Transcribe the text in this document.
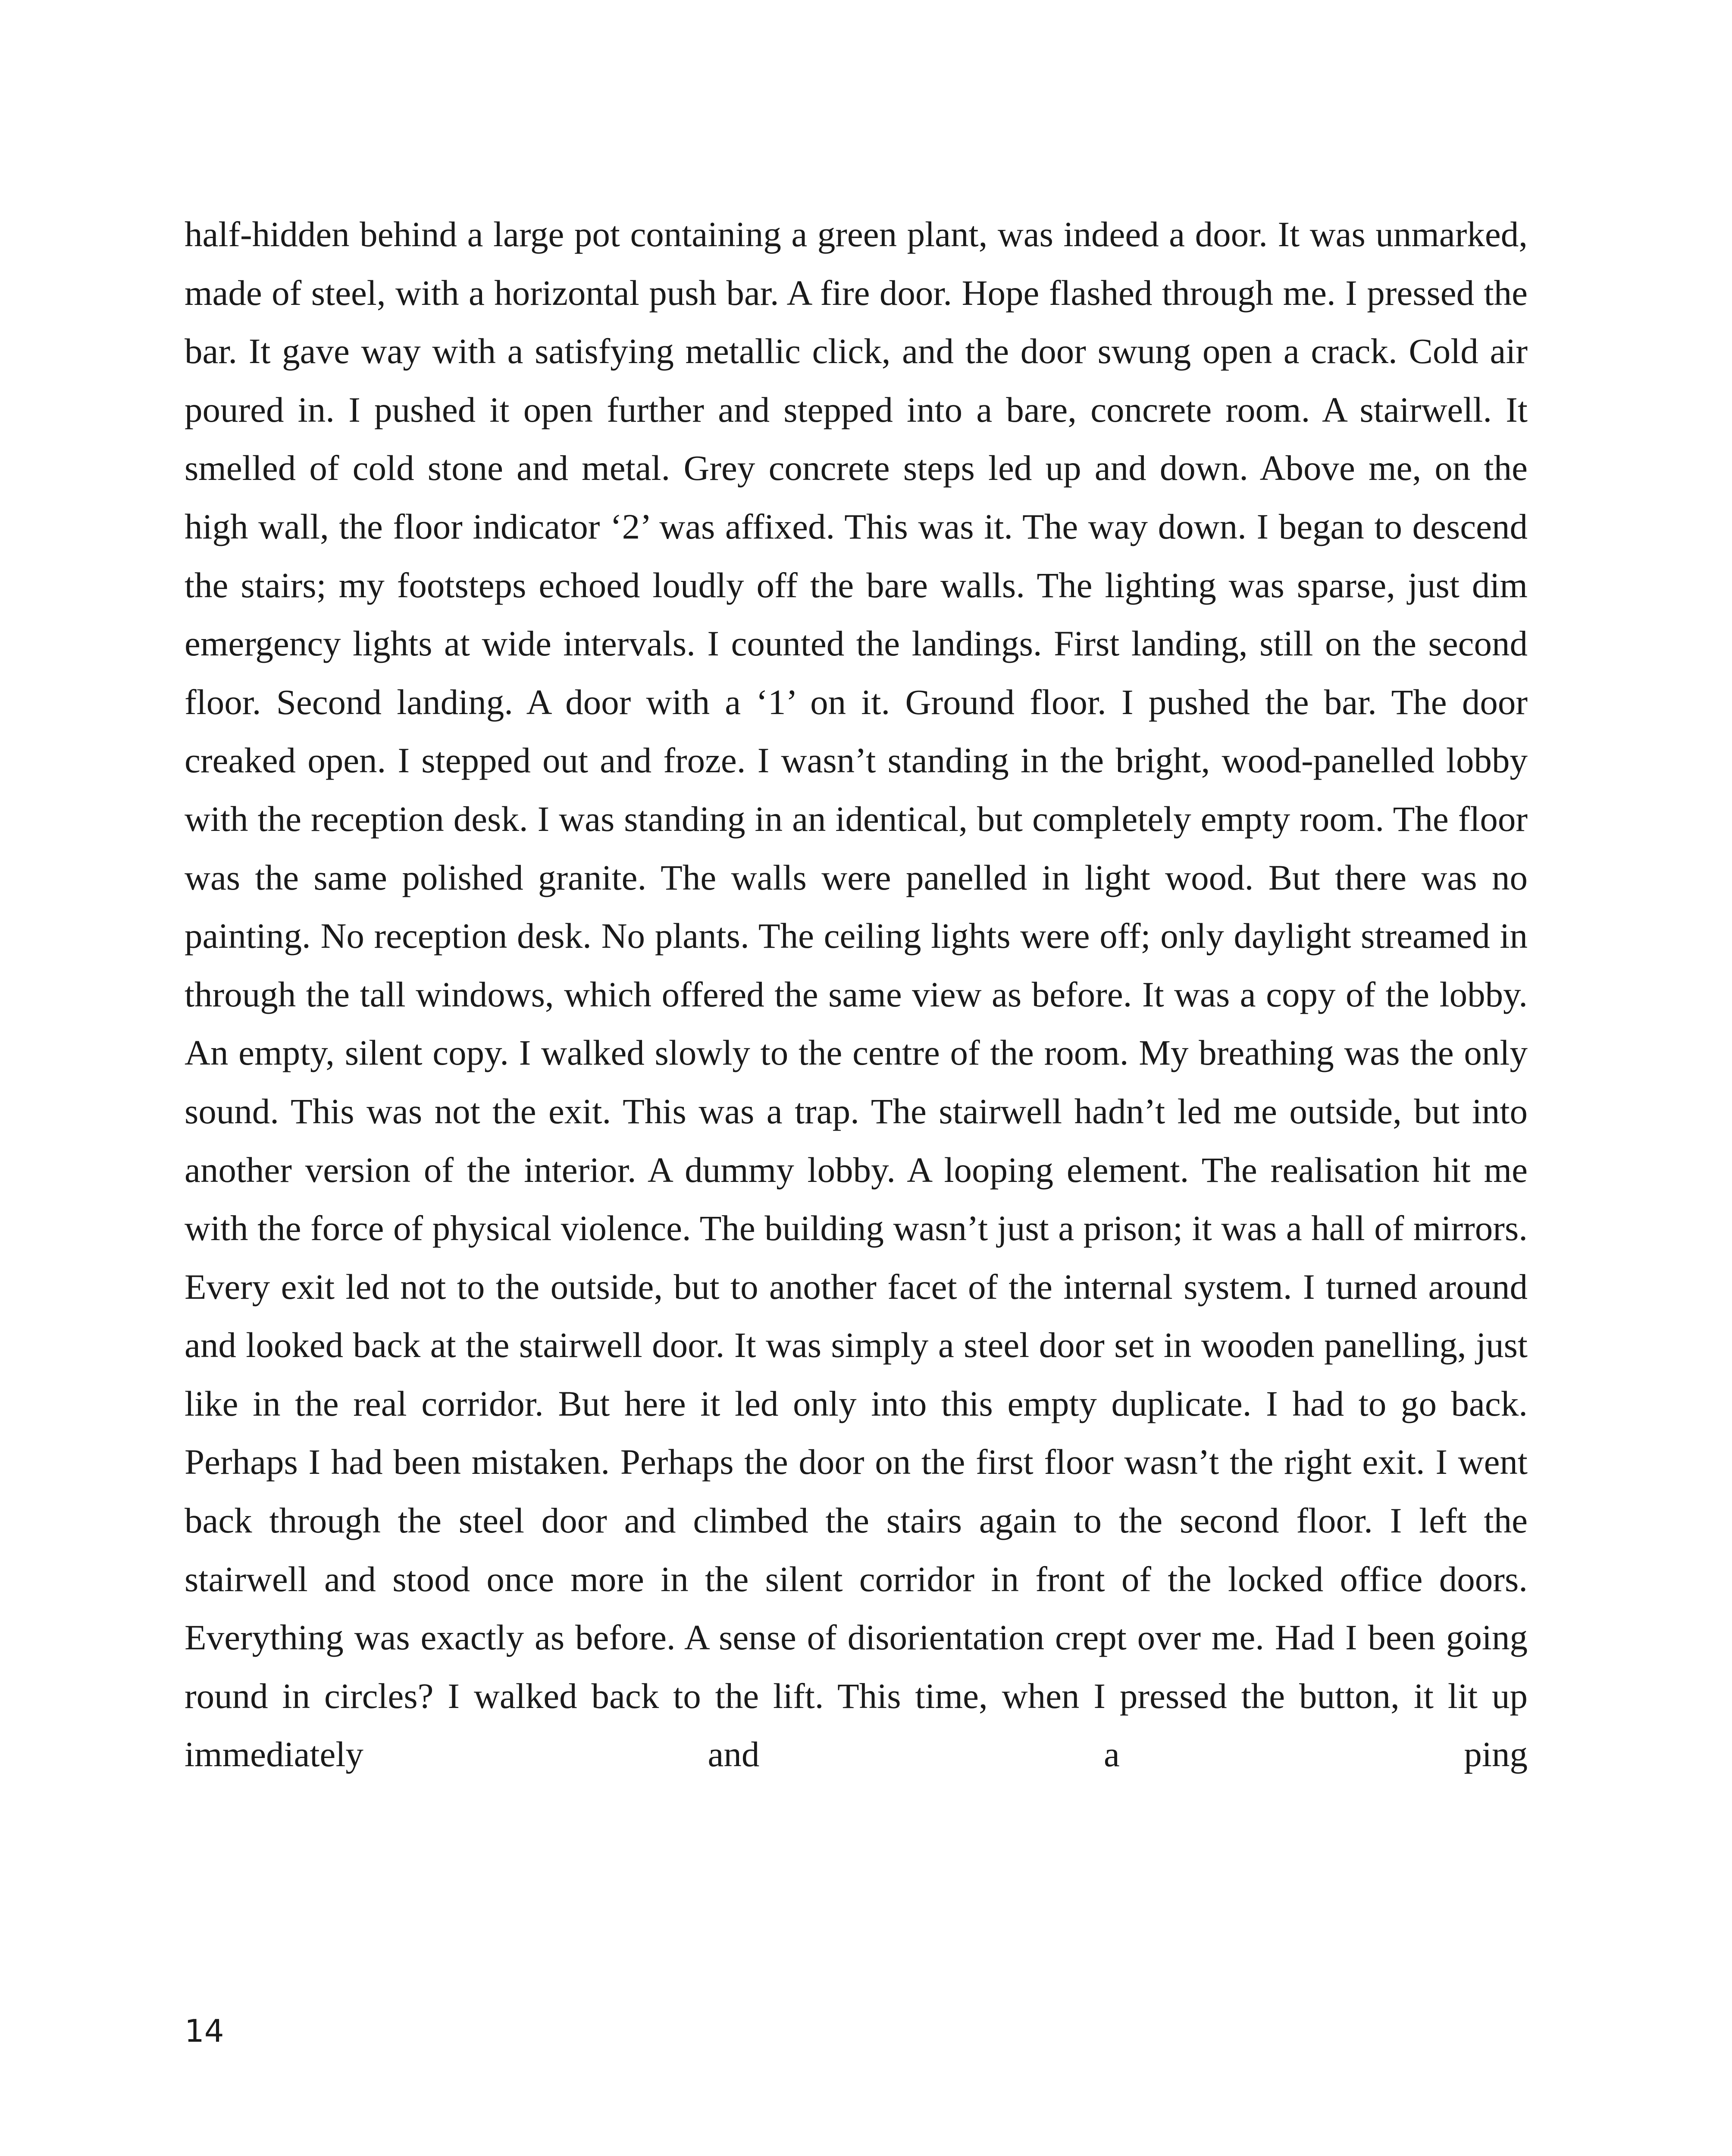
half-hidden behind a large pot containing a green plant, was indeed a door. It was unmarked, made of steel, with a horizontal push bar. A fire door. Hope flashed through me. I pressed the bar. It gave way with a satisfying metallic click, and the door swung open a crack. Cold air poured in. I pushed it open further and stepped into a bare, concrete room. A stairwell. It smelled of cold stone and metal. Grey concrete steps led up and down. Above me, on the high wall, the floor indicator ‘2’ was affixed. This was it. The way down. I began to descend the stairs; my footsteps echoed loudly off the bare walls. The lighting was sparse, just dim emergency lights at wide intervals. I counted the landings. First landing, still on the second floor. Second landing. A door with a ‘1’ on it. Ground floor. I pushed the bar. The door creaked open. I stepped out and froze. I wasn’t standing in the bright, wood-panelled lobby with the reception desk. I was standing in an identical, but completely empty room. The floor was the same polished granite. The walls were panelled in light wood. But there was no painting. No reception desk. No plants. The ceiling lights were off; only daylight streamed in through the tall windows, which offered the same view as before. It was a copy of the lobby. An empty, silent copy. I walked slowly to the centre of the room. My breathing was the only sound. This was not the exit. This was a trap. The stairwell hadn’t led me outside, but into another version of the interior. A dummy lobby. A looping element. The realisation hit me with the force of physical violence. The building wasn’t just a prison; it was a hall of mirrors. Every exit led not to the outside, but to another facet of the internal system. I turned around and looked back at the stairwell door. It was simply a steel door set in wooden panelling, just like in the real corridor. But here it led only into this empty duplicate. I had to go back. Perhaps I had been mistaken. Perhaps the door on the first floor wasn’t the right exit. I went back through the steel door and climbed the stairs again to the second floor. I left the stairwell and stood once more in the silent corridor in front of the locked office doors. Everything was exactly as before. A sense of disorientation crept over me. Had I been going round in circles? I walked back to the lift. This time, when I pressed the button, it lit up immediately and a ping

14
